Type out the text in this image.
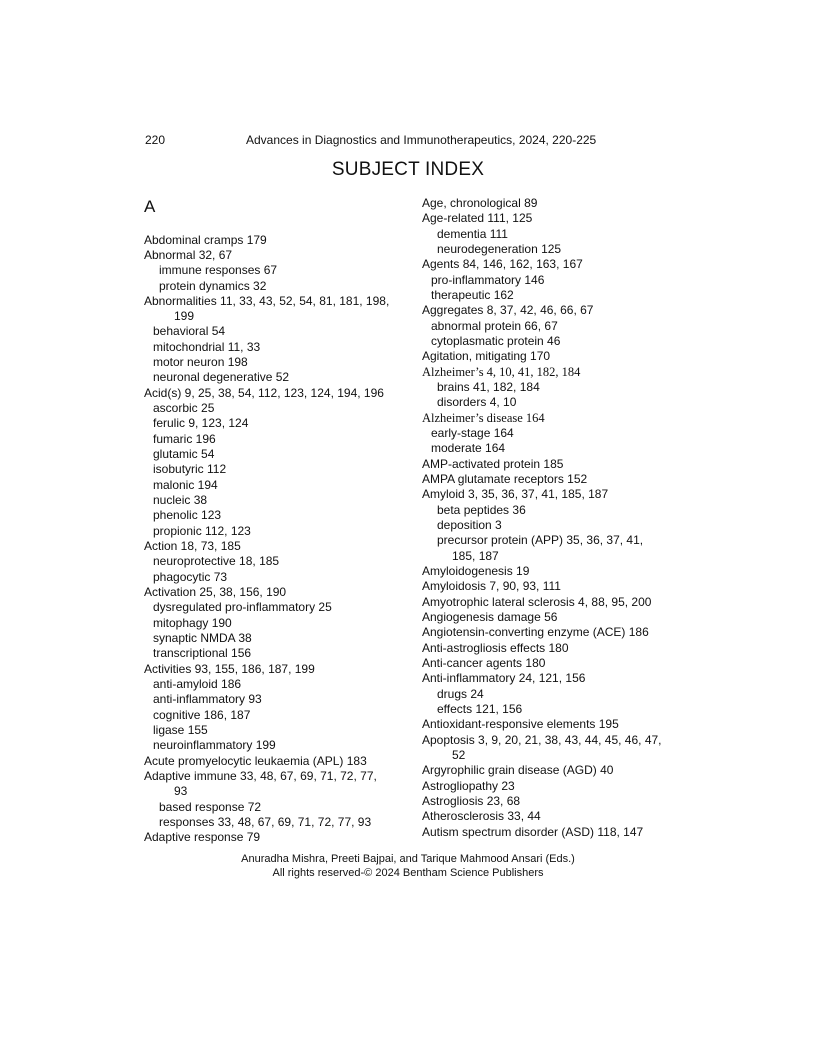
220	Advances in Diagnostics and Immunotherapeutics, 2024, 220-225
SUBJECT INDEX
A
Abdominal cramps 179
Abnormal 32, 67
immune responses 67
protein dynamics 32
Abnormalities 11, 33, 43, 52, 54, 81, 181, 198,
199
behavioral 54
mitochondrial 11, 33
motor neuron 198
neuronal degenerative 52
Acid(s) 9, 25, 38, 54, 112, 123, 124, 194, 196
ascorbic 25
ferulic 9, 123, 124
fumaric 196
glutamic 54
isobutyric 112
malonic 194
nucleic 38
phenolic 123
propionic 112, 123
Action 18, 73, 185
neuroprotective 18, 185
phagocytic 73
Activation 25, 38, 156, 190
dysregulated pro-inflammatory 25
mitophagy 190
synaptic NMDA 38
transcriptional 156
Activities 93, 155, 186, 187, 199
anti-amyloid 186
anti-inflammatory 93
cognitive 186, 187
ligase 155
neuroinflammatory 199
Acute promyelocytic leukaemia (APL) 183
Adaptive immune 33, 48, 67, 69, 71, 72, 77,
93
based response 72
responses 33, 48, 67, 69, 71, 72, 77, 93
Adaptive response 79
Age, chronological 89
Age-related 111, 125
dementia 111
neurodegeneration 125
Agents 84, 146, 162, 163, 167
pro-inflammatory 146
therapeutic 162
Aggregates 8, 37, 42, 46, 66, 67
abnormal protein 66, 67
cytoplasmatic protein 46
Agitation, mitigating 170
Alzheimer’s 4, 10, 41, 182, 184
brains 41, 182, 184
disorders 4, 10
Alzheimer’s disease 164
early-stage 164
moderate 164
AMP-activated protein 185
AMPA glutamate receptors 152
Amyloid 3, 35, 36, 37, 41, 185, 187
beta peptides 36
deposition 3
precursor protein (APP) 35, 36, 37, 41,
185, 187
Amyloidogenesis 19
Amyloidosis 7, 90, 93, 111
Amyotrophic lateral sclerosis 4, 88, 95, 200
Angiogenesis damage 56
Angiotensin-converting enzyme (ACE) 186
Anti-astrogliosis effects 180
Anti-cancer agents 180
Anti-inflammatory 24, 121, 156
drugs 24
effects 121, 156
Antioxidant-responsive elements 195
Apoptosis 3, 9, 20, 21, 38, 43, 44, 45, 46, 47,
52
Argyrophilic grain disease (AGD) 40
Astrogliopathy 23
Astrogliosis 23, 68
Atherosclerosis 33, 44
Autism spectrum disorder (ASD) 118, 147
Anuradha Mishra, Preeti Bajpai, and Tarique Mahmood Ansari (Eds.)
All rights reserved-© 2024 Bentham Science Publishers
